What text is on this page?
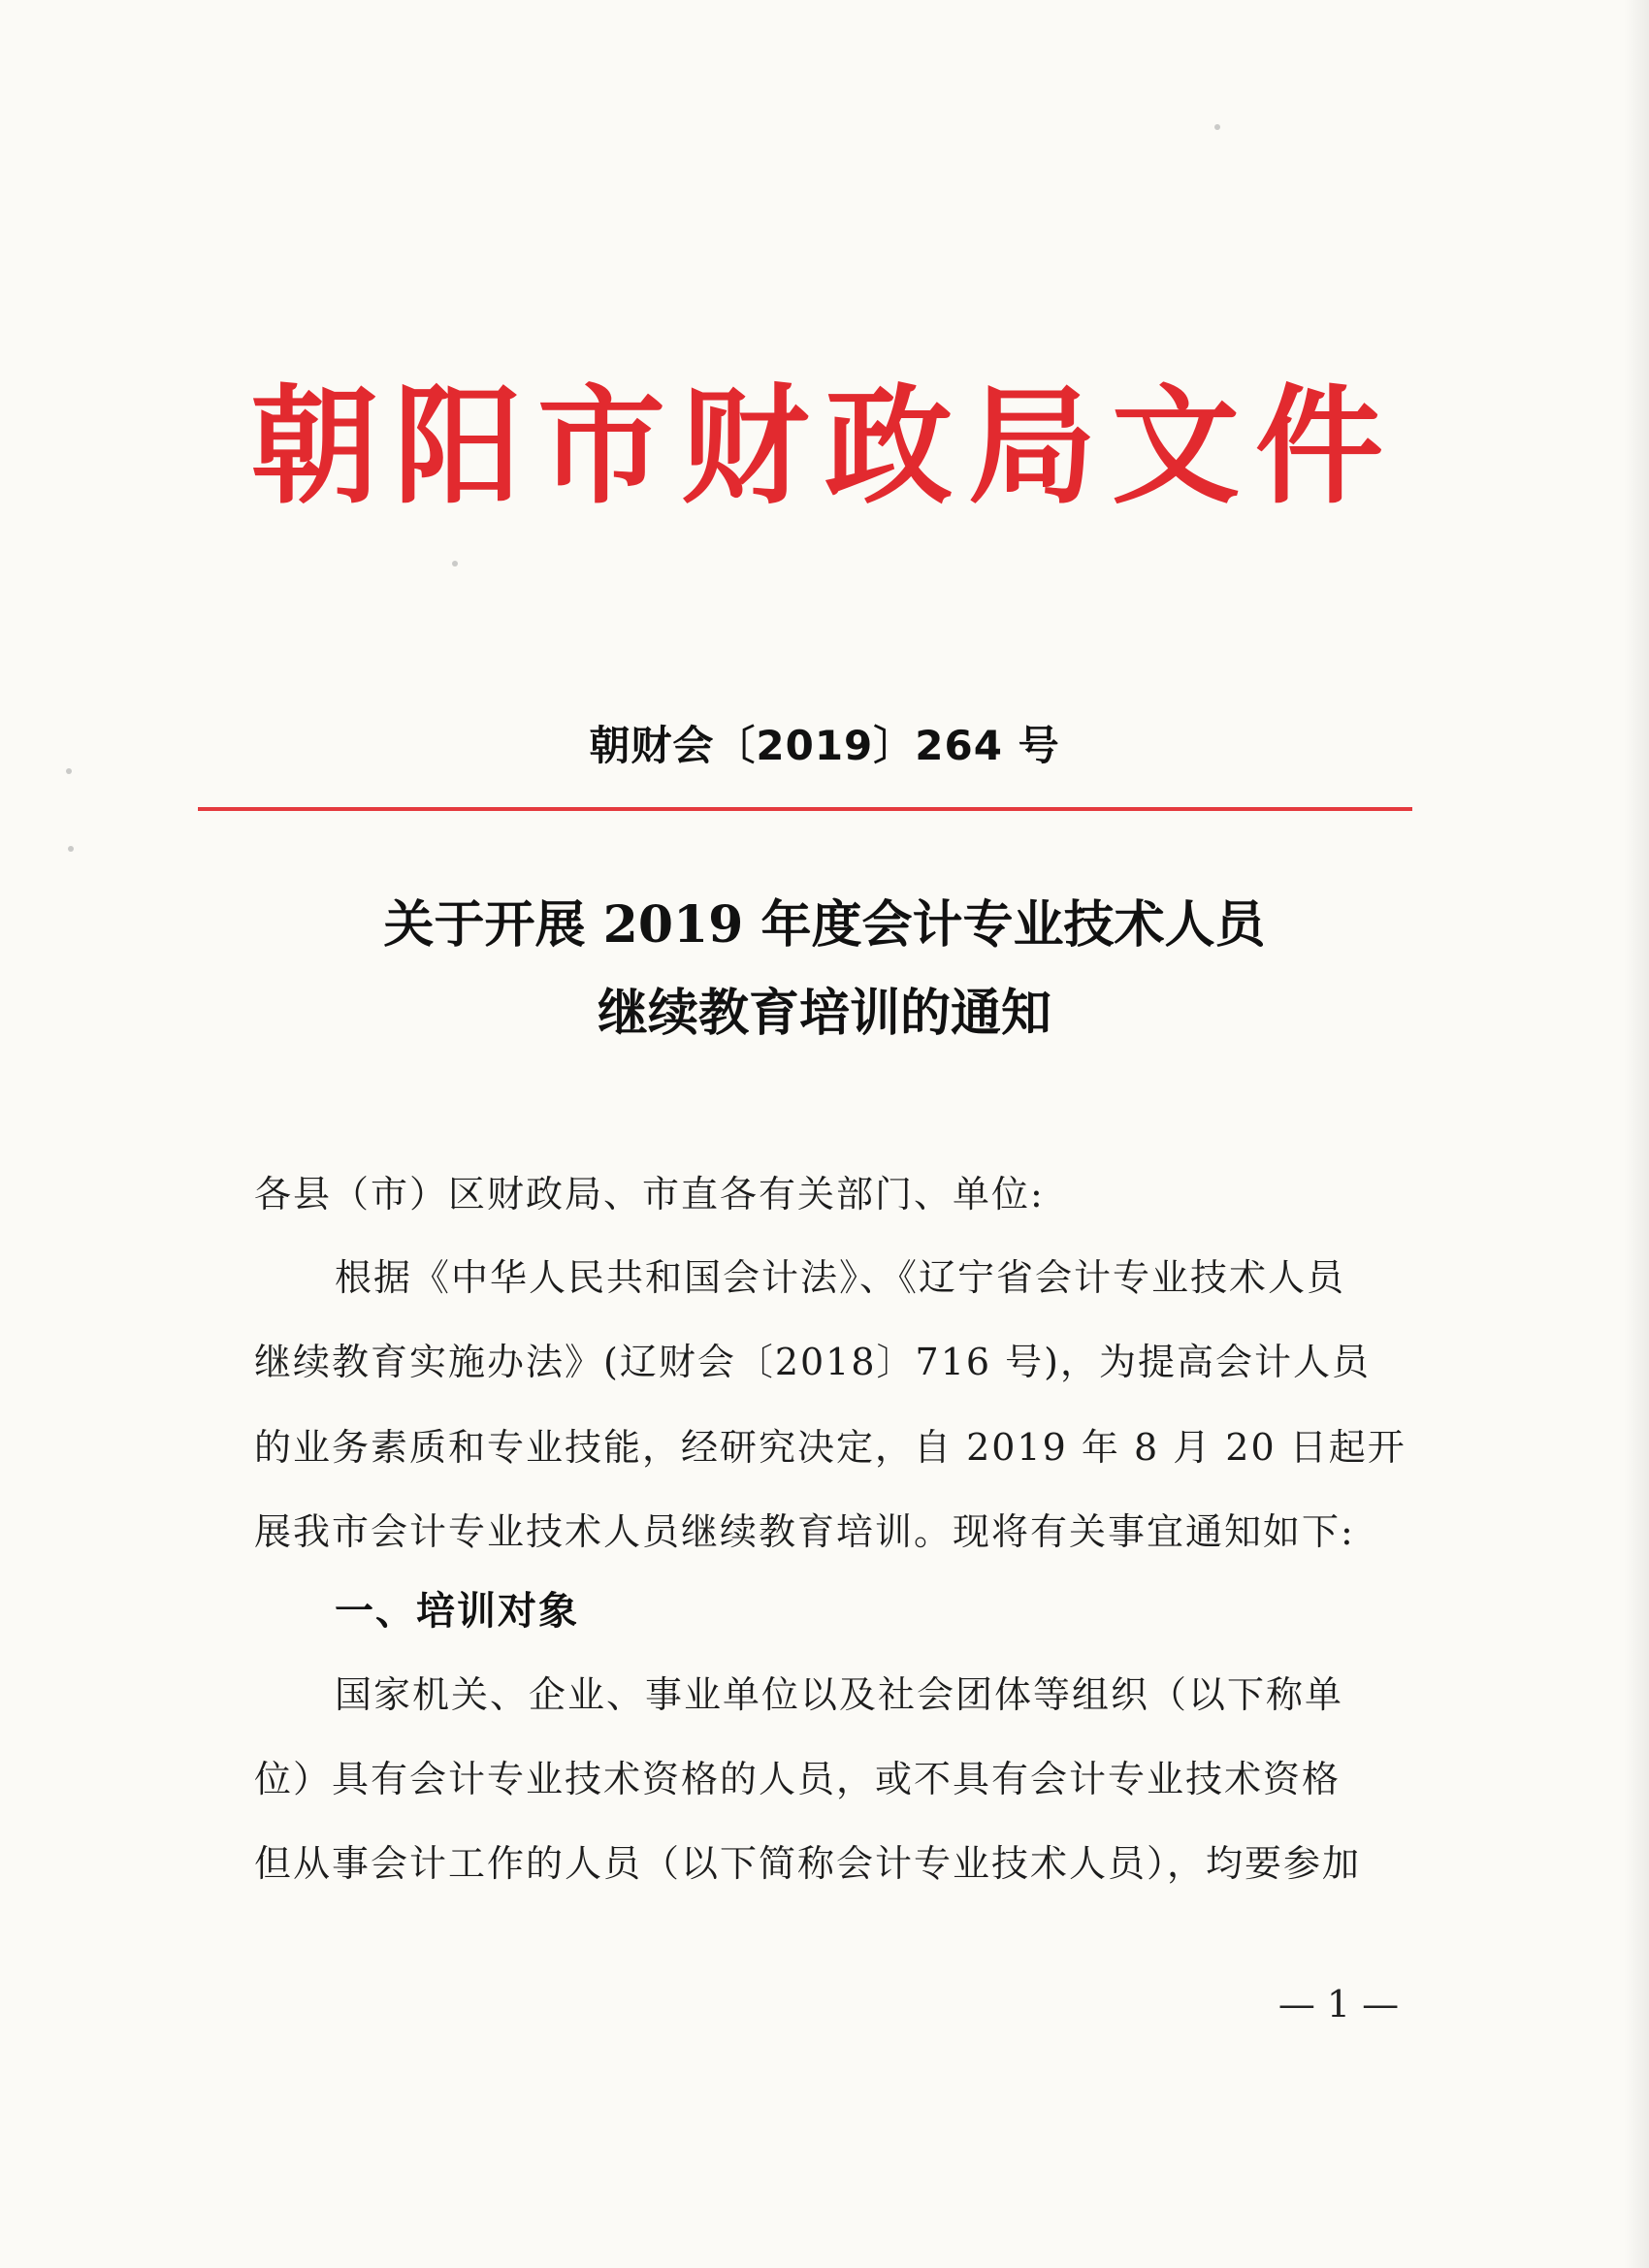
朝阳市财政局文件
朝财会〔2019〕264 号
关于开展 2019 年度会计专业技术人员
继续教育培训的通知
各县（市）区财政局、市直各有关部门、单位:
根据《中华人民共和国会计法》、《辽宁省会计专业技术人员
继续教育实施办法》(辽财会〔2018〕716 号)，为提高会计人员
的业务素质和专业技能，经研究决定，自 2019 年 8 月 20 日起开
展我市会计专业技术人员继续教育培训。现将有关事宜通知如下:
一、培训对象
国家机关、企业、事业单位以及社会团体等组织（以下称单
位）具有会计专业技术资格的人员，或不具有会计专业技术资格
但从事会计工作的人员（以下简称会计专业技术人员），均要参加
— 1 —
